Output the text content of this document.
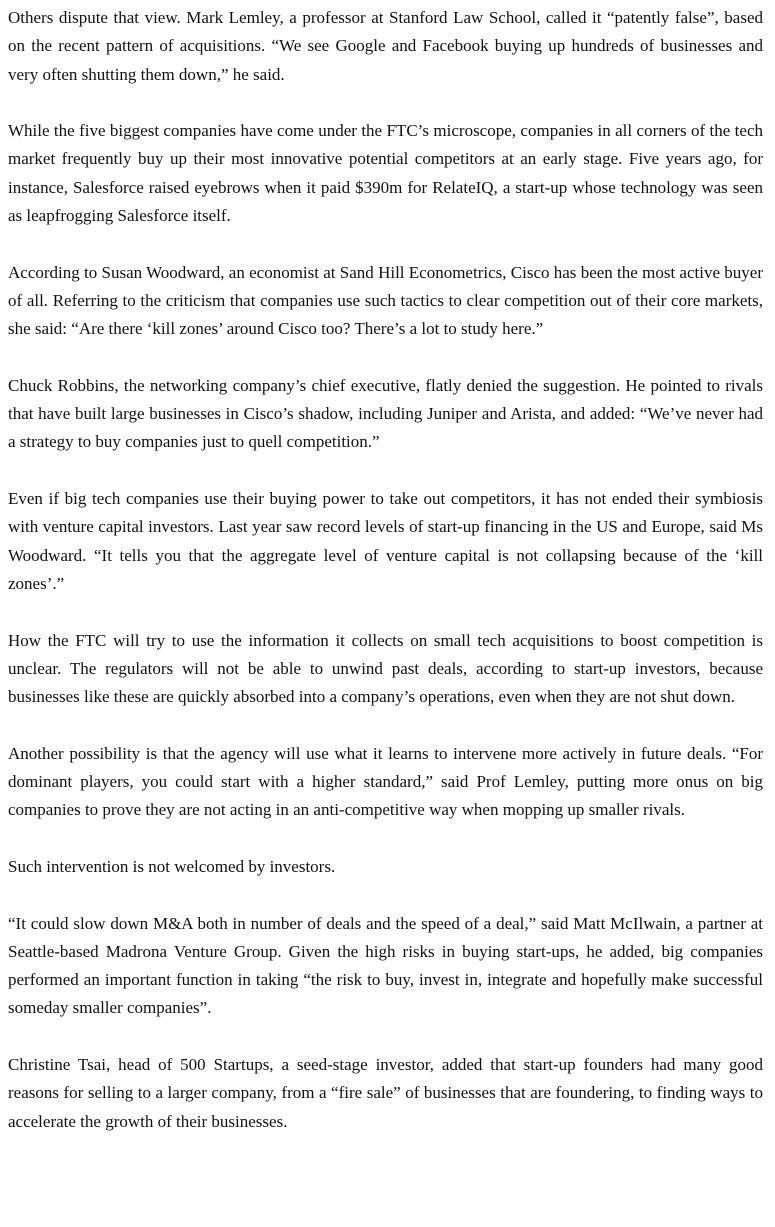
Others dispute that view. Mark Lemley, a professor at Stanford Law School, called it “patently false”, based on the recent pattern of acquisitions. “We see Google and Facebook buying up hundreds of businesses and very often shutting them down,” he said.

While the five biggest companies have come under the FTC’s microscope, companies in all corners of the tech market frequently buy up their most innovative potential competitors at an early stage. Five years ago, for instance, Salesforce raised eyebrows when it paid $390m for RelateIQ, a start-up whose technology was seen as leapfrogging Salesforce itself.

According to Susan Woodward, an economist at Sand Hill Econometrics, Cisco has been the most active buyer of all. Referring to the criticism that companies use such tactics to clear competition out of their core markets, she said: “Are there ‘kill zones’ around Cisco too? There’s a lot to study here.”

Chuck Robbins, the networking company’s chief executive, flatly denied the suggestion. He pointed to rivals that have built large businesses in Cisco’s shadow, including Juniper and Arista, and added: “We’ve never had a strategy to buy companies just to quell competition.”

Even if big tech companies use their buying power to take out competitors, it has not ended their symbiosis with venture capital investors. Last year saw record levels of start-up financing in the US and Europe, said Ms Woodward. “It tells you that the aggregate level of venture capital is not collapsing because of the ‘kill zones’.”

How the FTC will try to use the information it collects on small tech acquisitions to boost competition is unclear. The regulators will not be able to unwind past deals, according to start-up investors, because businesses like these are quickly absorbed into a company’s operations, even when they are not shut down.

Another possibility is that the agency will use what it learns to intervene more actively in future deals. “For dominant players, you could start with a higher standard,” said Prof Lemley, putting more onus on big companies to prove they are not acting in an anti-competitive way when mopping up smaller rivals.

Such intervention is not welcomed by investors.

“It could slow down M&A both in number of deals and the speed of a deal,” said Matt McIlwain, a partner at Seattle-based Madrona Venture Group. Given the high risks in buying start-ups, he added, big companies performed an important function in taking “the risk to buy, invest in, integrate and hopefully make successful someday smaller companies”.

Christine Tsai, head of 500 Startups, a seed-stage investor, added that start-up founders had many good reasons for selling to a larger company, from a “fire sale” of businesses that are foundering, to finding ways to accelerate the growth of their businesses.
